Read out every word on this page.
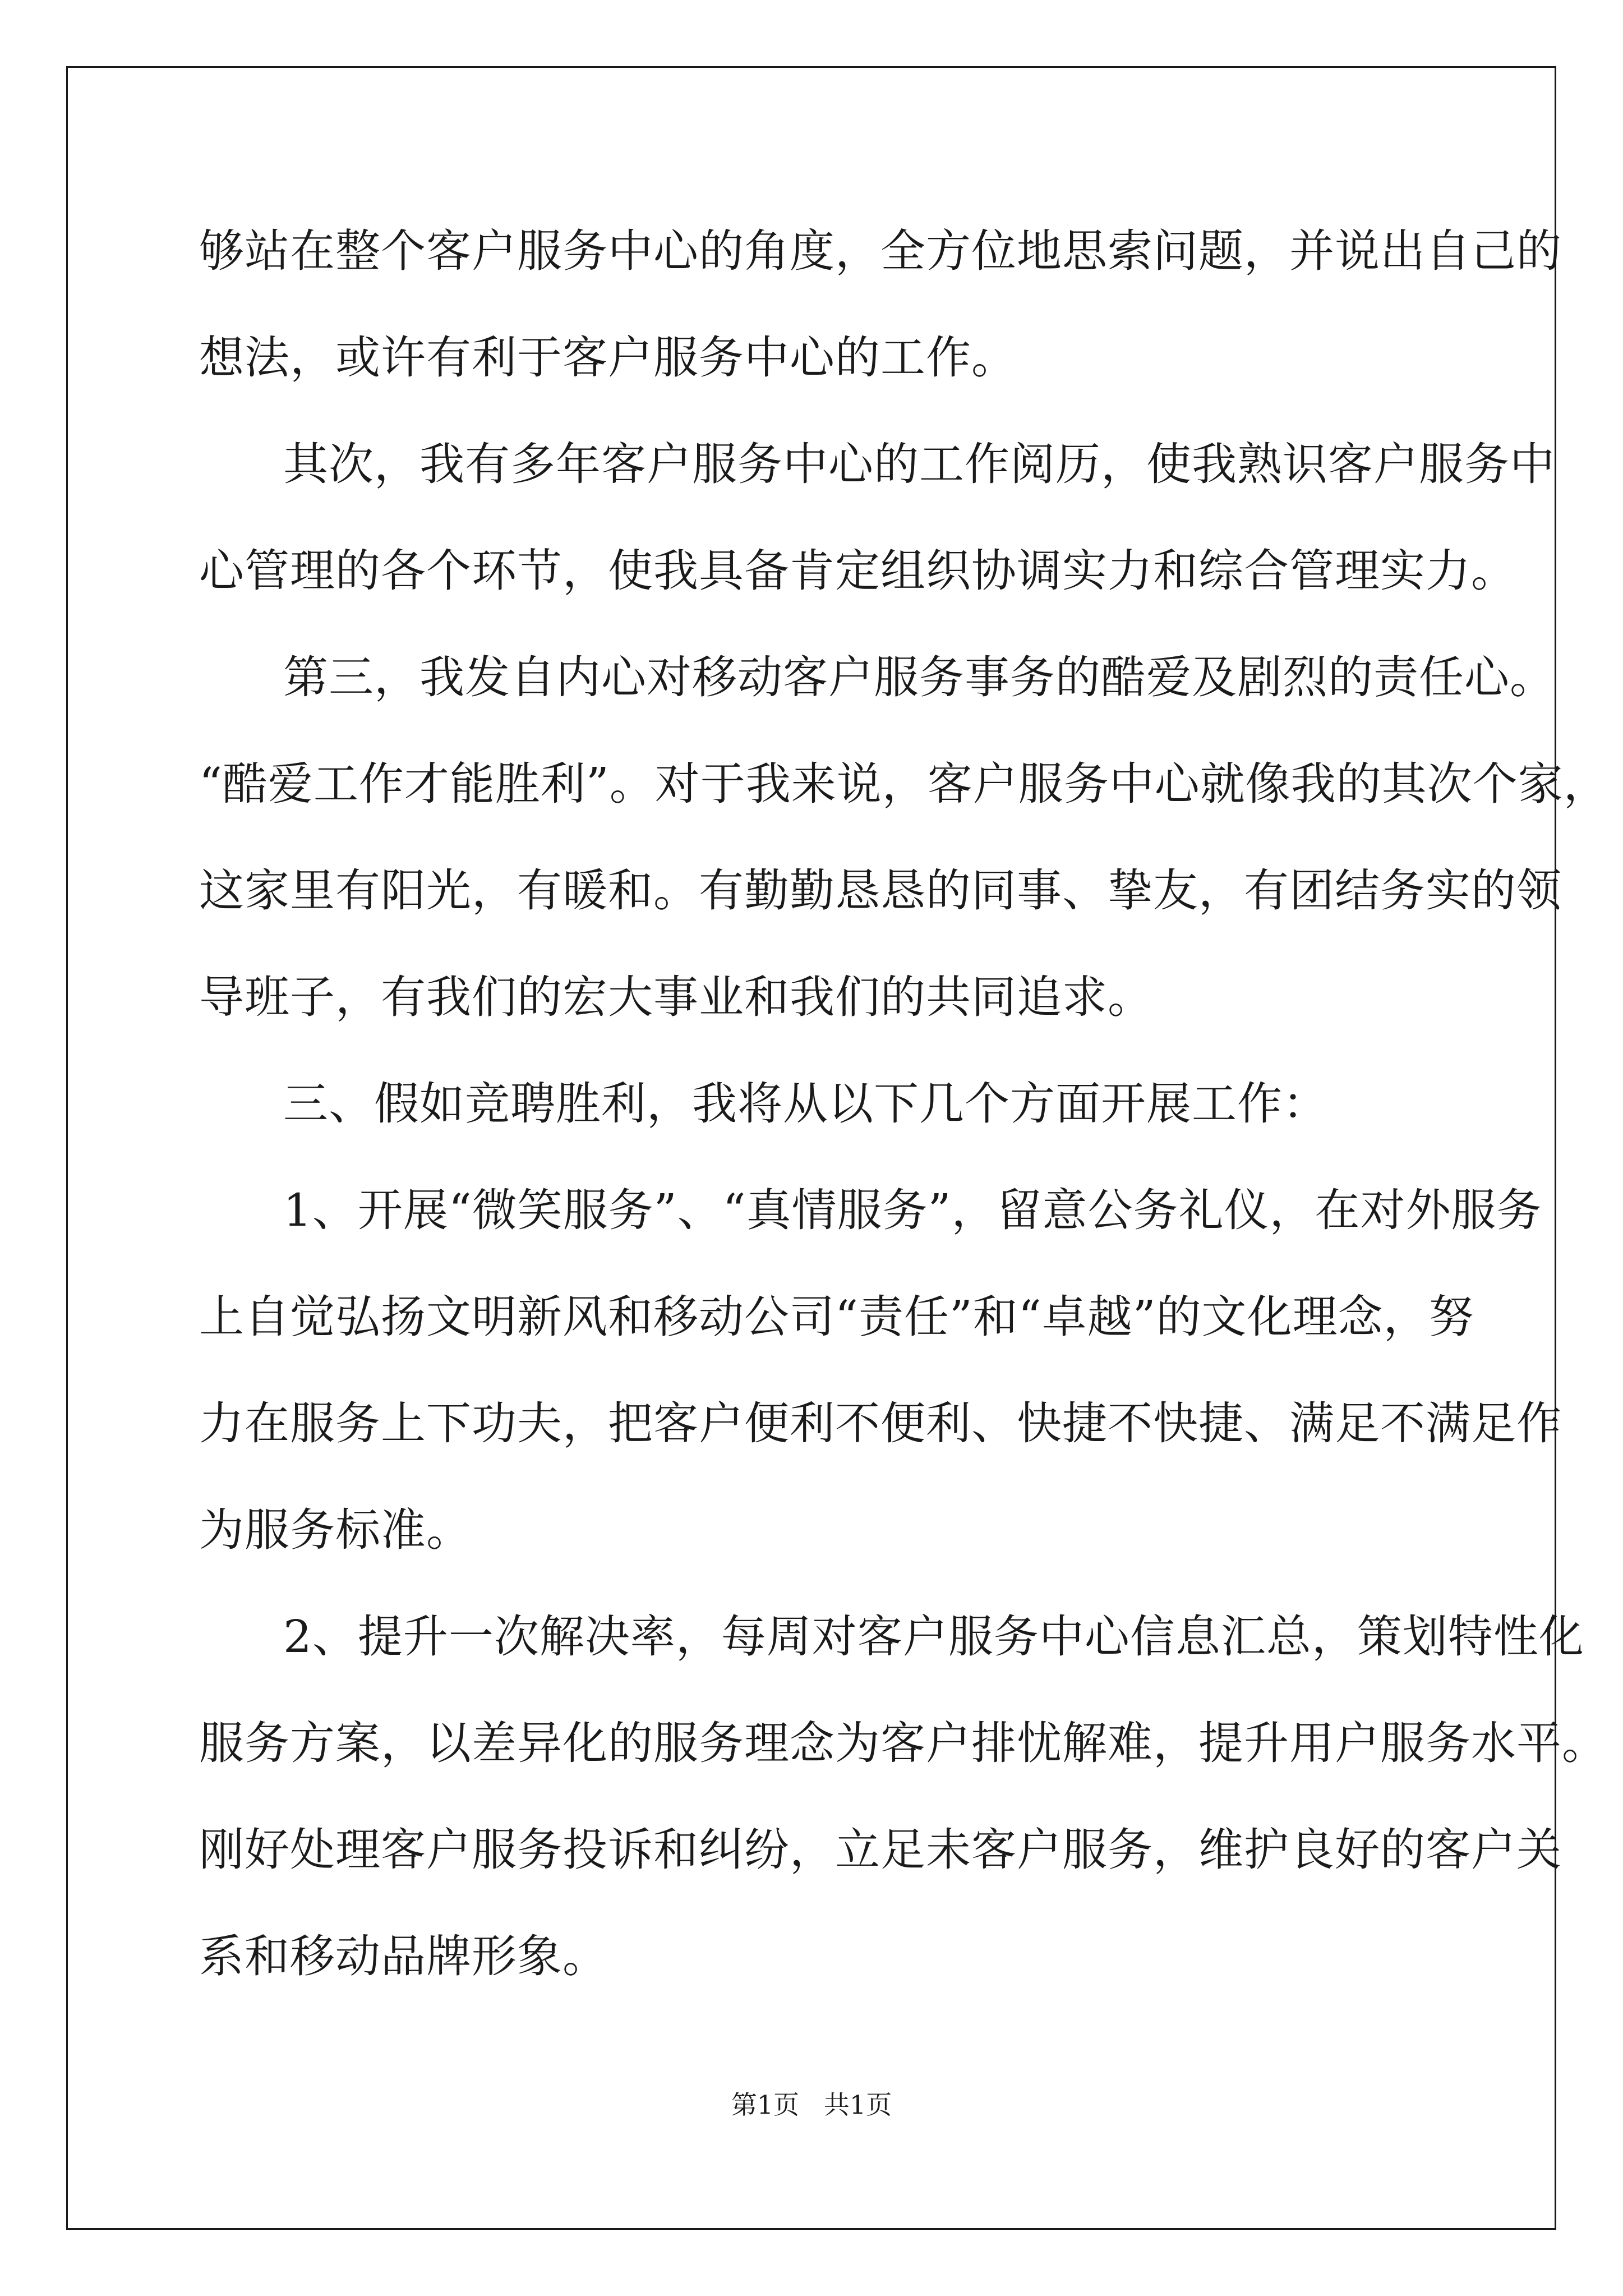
够站在整个客户服务中心的角度，全方位地思索问题，并说出自己的
想法，或许有利于客户服务中心的工作。
其次，我有多年客户服务中心的工作阅历，使我熟识客户服务中
心管理的各个环节，使我具备肯定组织协调实力和综合管理实力。
第三，我发自内心对移动客户服务事务的酷爱及剧烈的责任心。
“酷爱工作才能胜利”。对于我来说，客户服务中心就像我的其次个家，
这家里有阳光，有暖和。有勤勤恳恳的同事、挚友，有团结务实的领
导班子，有我们的宏大事业和我们的共同追求。
三、假如竞聘胜利，我将从以下几个方面开展工作：
1、开展“微笑服务”、“真情服务”，留意公务礼仪，在对外服务
上自觉弘扬文明新风和移动公司“责任”和“卓越”的文化理念，努
力在服务上下功夫，把客户便利不便利、快捷不快捷、满足不满足作
为服务标准。
2、提升一次解决率，每周对客户服务中心信息汇总，策划特性化
服务方案，以差异化的服务理念为客户排忧解难，提升用户服务水平。
刚好处理客户服务投诉和纠纷，立足未客户服务，维护良好的客户关
系和移动品牌形象。
第1页   共1页
